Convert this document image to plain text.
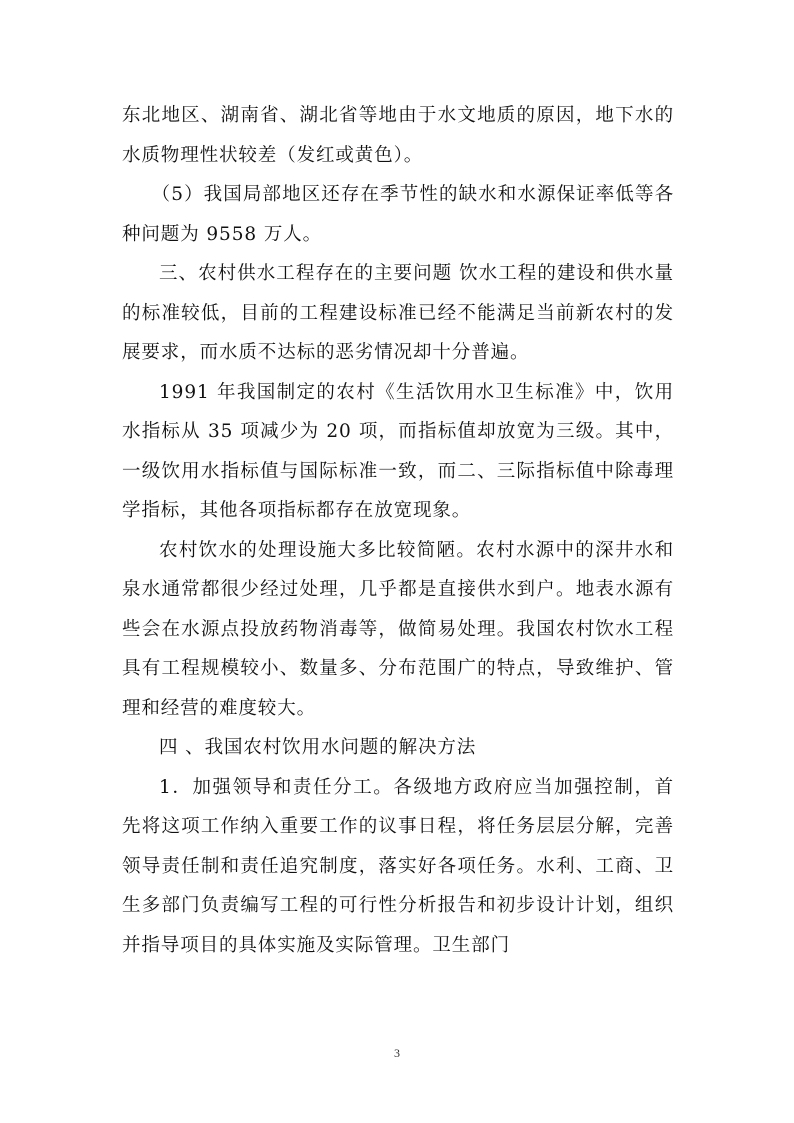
东北地区、湖南省、湖北省等地由于水文地质的原因，地下水的水质物理性状较差（发红或黄色）。

（5）我国局部地区还存在季节性的缺水和水源保证率低等各种问题为 9558 万人。

三、农村供水工程存在的主要问题 饮水工程的建设和供水量的标准较低，目前的工程建设标准已经不能满足当前新农村的发展要求，而水质不达标的恶劣情况却十分普遍。

1991 年我国制定的农村《生活饮用水卫生标准》中，饮用水指标从 35 项减少为 20 项，而指标值却放宽为三级。其中，一级饮用水指标值与国际标准一致，而二、三际指标值中除毒理学指标，其他各项指标都存在放宽现象。

农村饮水的处理设施大多比较简陋。农村水源中的深井水和泉水通常都很少经过处理，几乎都是直接供水到户。地表水源有些会在水源点投放药物消毒等，做简易处理。我国农村饮水工程具有工程规模较小、数量多、分布范围广的特点，导致维护、管理和经营的难度较大。

四 、我国农村饮用水问题的解决方法

1．加强领导和责任分工。各级地方政府应当加强控制，首先将这项工作纳入重要工作的议事日程，将任务层层分解，完善领导责任制和责任追究制度，落实好各项任务。水利、工商、卫生多部门负责编写工程的可行性分析报告和初步设计计划，组织并指导项目的具体实施及实际管理。卫生部门

3
